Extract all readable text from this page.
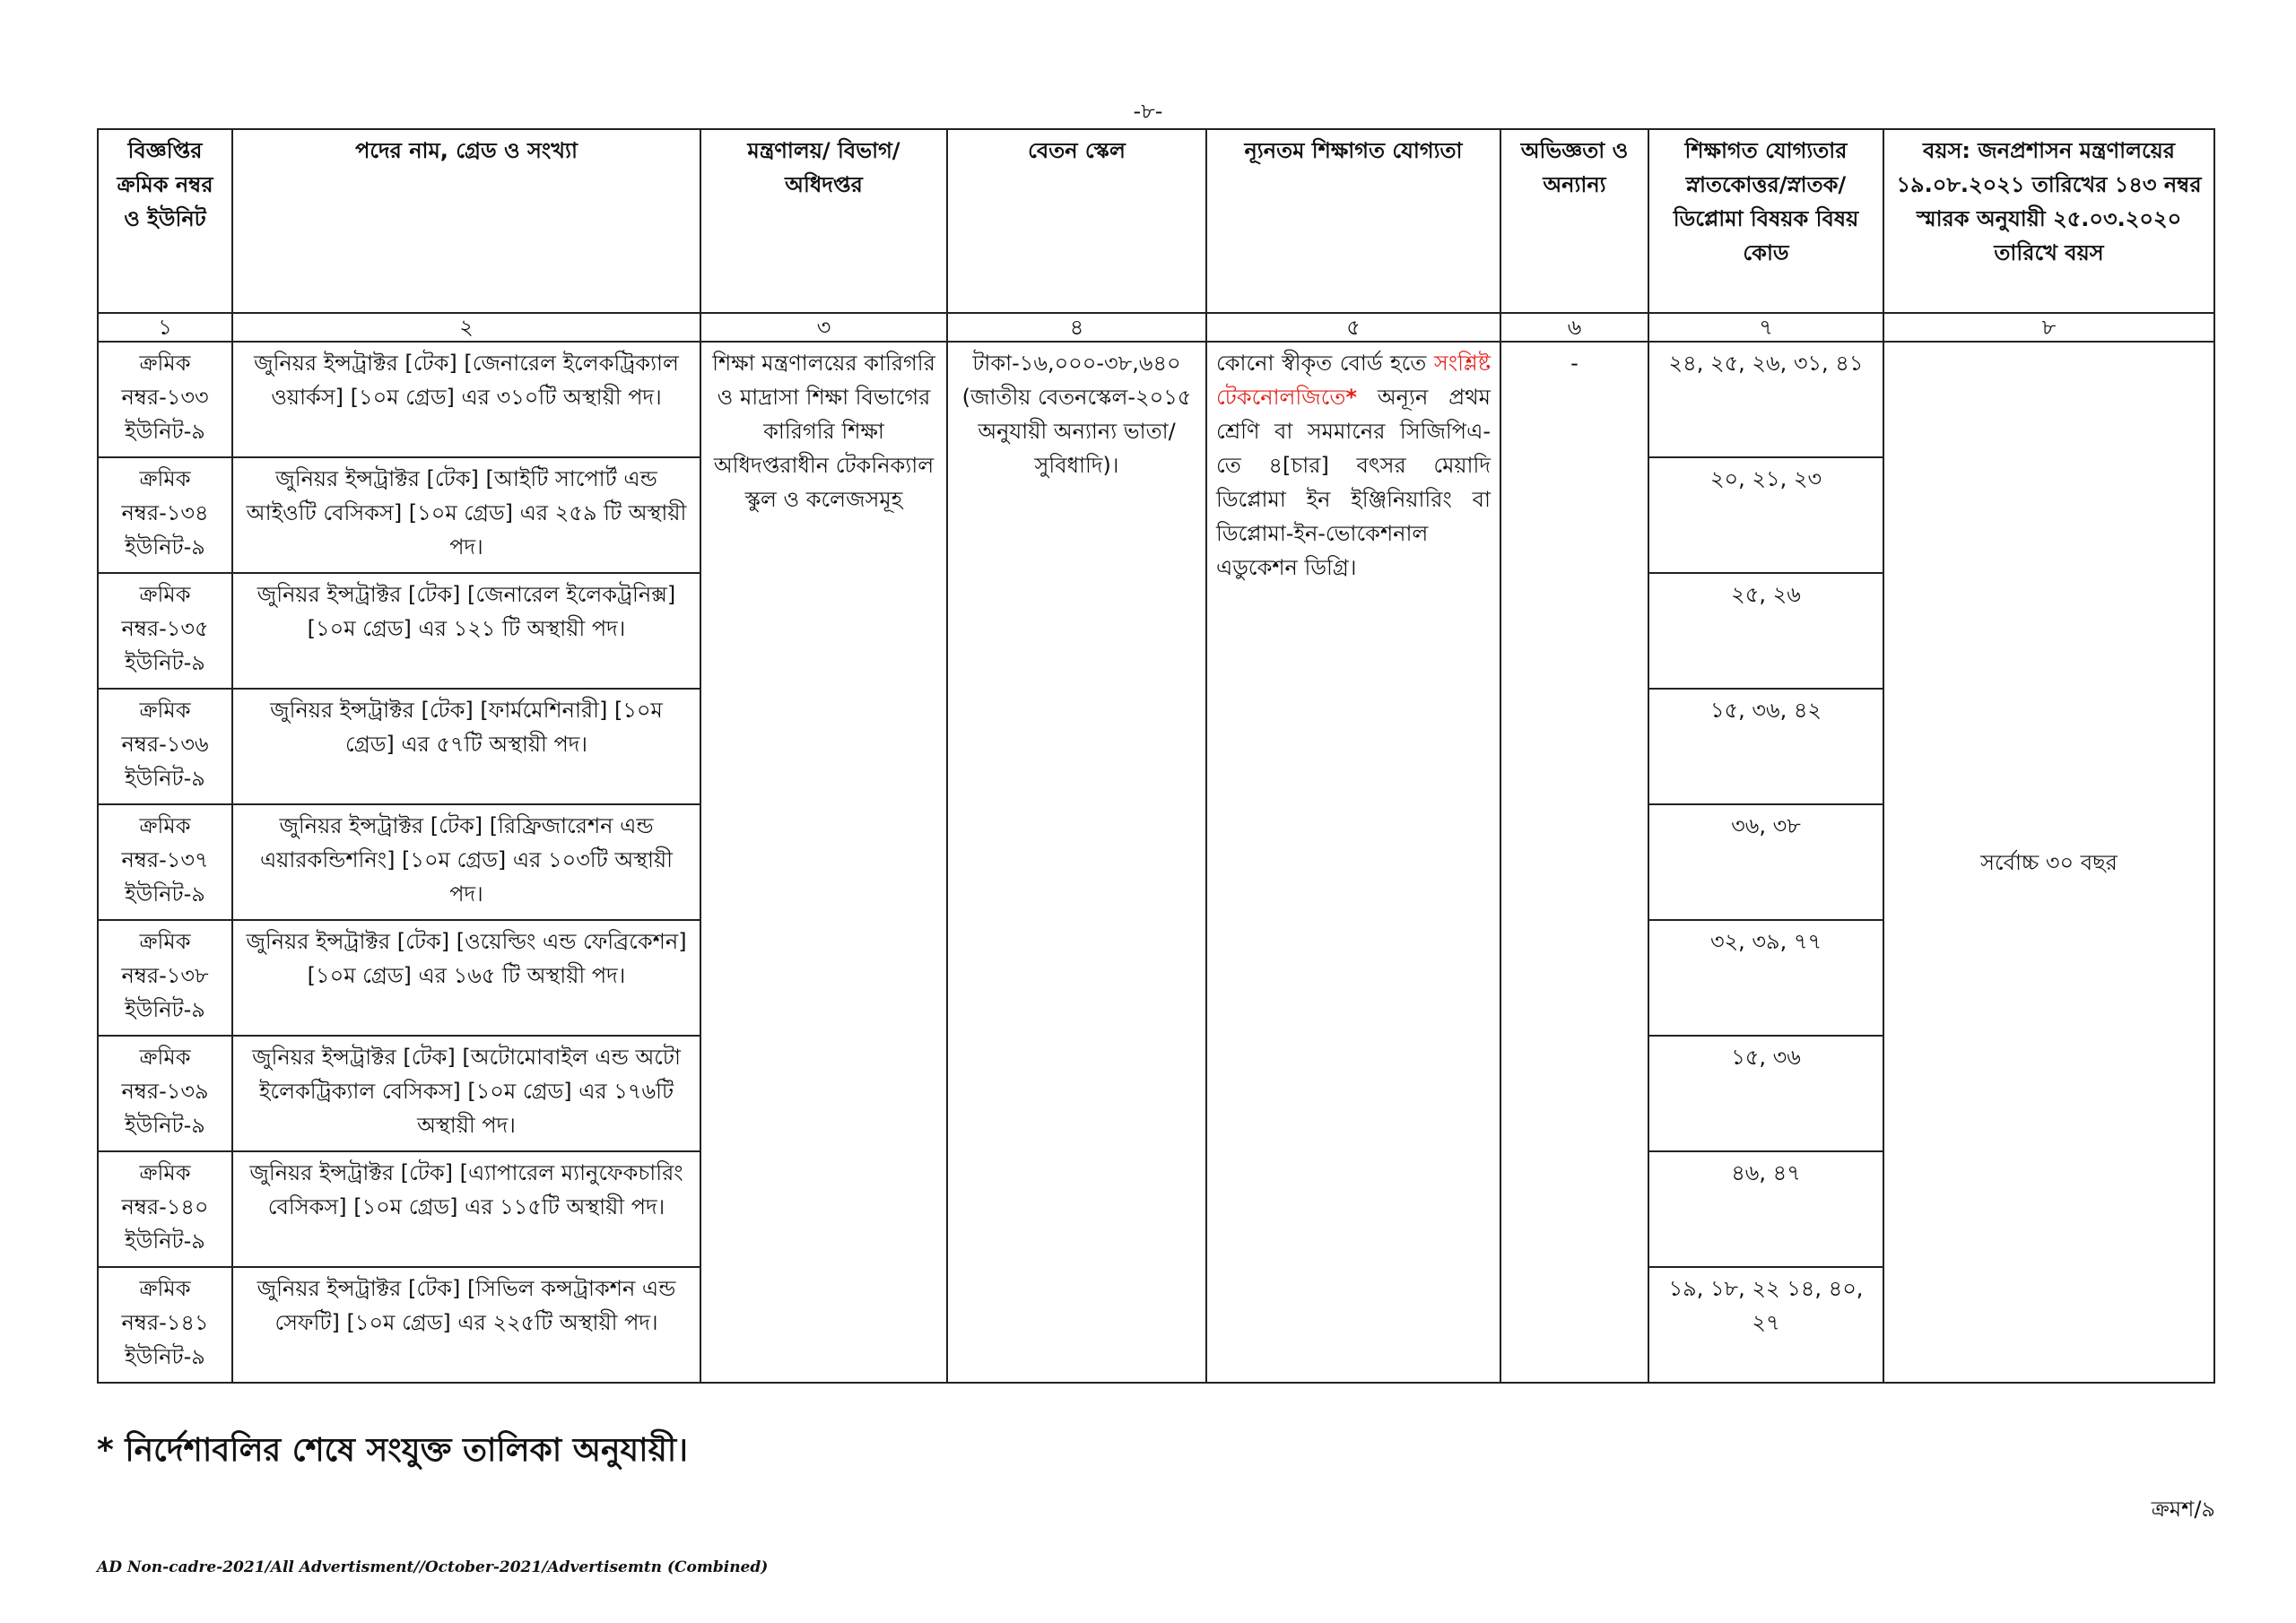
-৮-
বিজ্ঞপ্তির ক্রমিক নম্বর ও ইউনিট	পদের নাম, গ্রেড ও সংখ্যা	মন্ত্রণালয়/ বিভাগ/ অধিদপ্তর	বেতন স্কেল	ন্যূনতম শিক্ষাগত যোগ্যতা	অভিজ্ঞতা ও অন্যান্য	শিক্ষাগত যোগ্যতার স্নাতকোত্তর/স্নাতক/ ডিপ্লোমা বিষয়ক বিষয় কোড	বয়স: জনপ্রশাসন মন্ত্রণালয়ের ১৯.০৮.২০২১ তারিখের ১৪৩ নম্বর স্মারক অনুযায়ী ২৫.০৩.২০২০ তারিখে বয়স
১	২	৩	৪	৫	৬	৭	৮
ক্রমিক নম্বর-১৩৩ ইউনিট-৯	জুনিয়র ইন্সট্রাক্টর [টেক] [জেনারেল ইলেকট্রিক্যাল ওয়ার্কস] [১০ম গ্রেড] এর ৩১০টি অস্থায়ী পদ।	শিক্ষা মন্ত্রণালয়ের কারিগরি ও মাদ্রাসা শিক্ষা বিভাগের কারিগরি শিক্ষা অধিদপ্তরাধীন টেকনিক্যাল স্কুল ও কলেজসমূহ	টাকা-১৬,০০০-৩৮,৬৪০ (জাতীয় বেতনস্কেল-২০১৫ অনুযায়ী অন্যান্য ভাতা/সুবিধাদি)।	কোনো স্বীকৃত বোর্ড হতে সংশ্লিষ্ট টেকনোলজিতে* অন্যূন প্রথম শ্রেণি বা সমমানের সিজিপিএ-তে ৪[চার] বৎসর মেয়াদি ডিপ্লোমা ইন ইঞ্জিনিয়ারিং বা ডিপ্লোমা-ইন-ভোকেশনাল এডুকেশন ডিগ্রি।	-	২৪, ২৫, ২৬, ৩১, ৪১	সর্বোচ্চ ৩০ বছর
ক্রমিক নম্বর-১৩৪ ইউনিট-৯	জুনিয়র ইন্সট্রাক্টর [টেক] [আইটি সাপোর্ট এন্ড আইওটি বেসিকস] [১০ম গ্রেড] এর ২৫৯ টি অস্থায়ী পদ।					২০, ২১, ২৩	
ক্রমিক নম্বর-১৩৫ ইউনিট-৯	জুনিয়র ইন্সট্রাক্টর [টেক] [জেনারেল ইলেকট্রনিক্স] [১০ম গ্রেড] এর ১২১ টি অস্থায়ী পদ।					২৫, ২৬	
ক্রমিক নম্বর-১৩৬ ইউনিট-৯	জুনিয়র ইন্সট্রাক্টর [টেক] [ফার্মমেশিনারী] [১০ম গ্রেড] এর ৫৭টি অস্থায়ী পদ।					১৫, ৩৬, ৪২	
ক্রমিক নম্বর-১৩৭ ইউনিট-৯	জুনিয়র ইন্সট্রাক্টর [টেক] [রিফ্রিজারেশন এন্ড এয়ারকন্ডিশনিং] [১০ম গ্রেড] এর ১০৩টি অস্থায়ী পদ।					৩৬, ৩৮	
ক্রমিক নম্বর-১৩৮ ইউনিট-৯	জুনিয়র ইন্সট্রাক্টর [টেক] [ওয়েল্ডিং এন্ড ফেব্রিকেশন] [১০ম গ্রেড] এর ১৬৫ টি অস্থায়ী পদ।					৩২, ৩৯, ৭৭	
ক্রমিক নম্বর-১৩৯ ইউনিট-৯	জুনিয়র ইন্সট্রাক্টর [টেক] [অটোমোবাইল এন্ড অটো ইলেকট্রিক্যাল বেসিকস] [১০ম গ্রেড] এর ১৭৬টি অস্থায়ী পদ।					১৫, ৩৬	
ক্রমিক নম্বর-১৪০ ইউনিট-৯	জুনিয়র ইন্সট্রাক্টর [টেক] [এ্যাপারেল ম্যানুফেকচারিং বেসিকস] [১০ম গ্রেড] এর ১১৫টি অস্থায়ী পদ।					৪৬, ৪৭	
ক্রমিক নম্বর-১৪১ ইউনিট-৯	জুনিয়র ইন্সট্রাক্টর [টেক] [সিভিল কন্সট্রাকশন এন্ড সেফটি] [১০ম গ্রেড] এর ২২৫টি অস্থায়ী পদ।					১৯, ১৮, ২২ ১৪, ৪০, ২৭	
* নির্দেশাবলির শেষে সংযুক্ত তালিকা অনুযায়ী।
ক্রমশ/৯
AD Non-cadre-2021/All Advertisment//October-2021/Advertisemtn (Combined)
